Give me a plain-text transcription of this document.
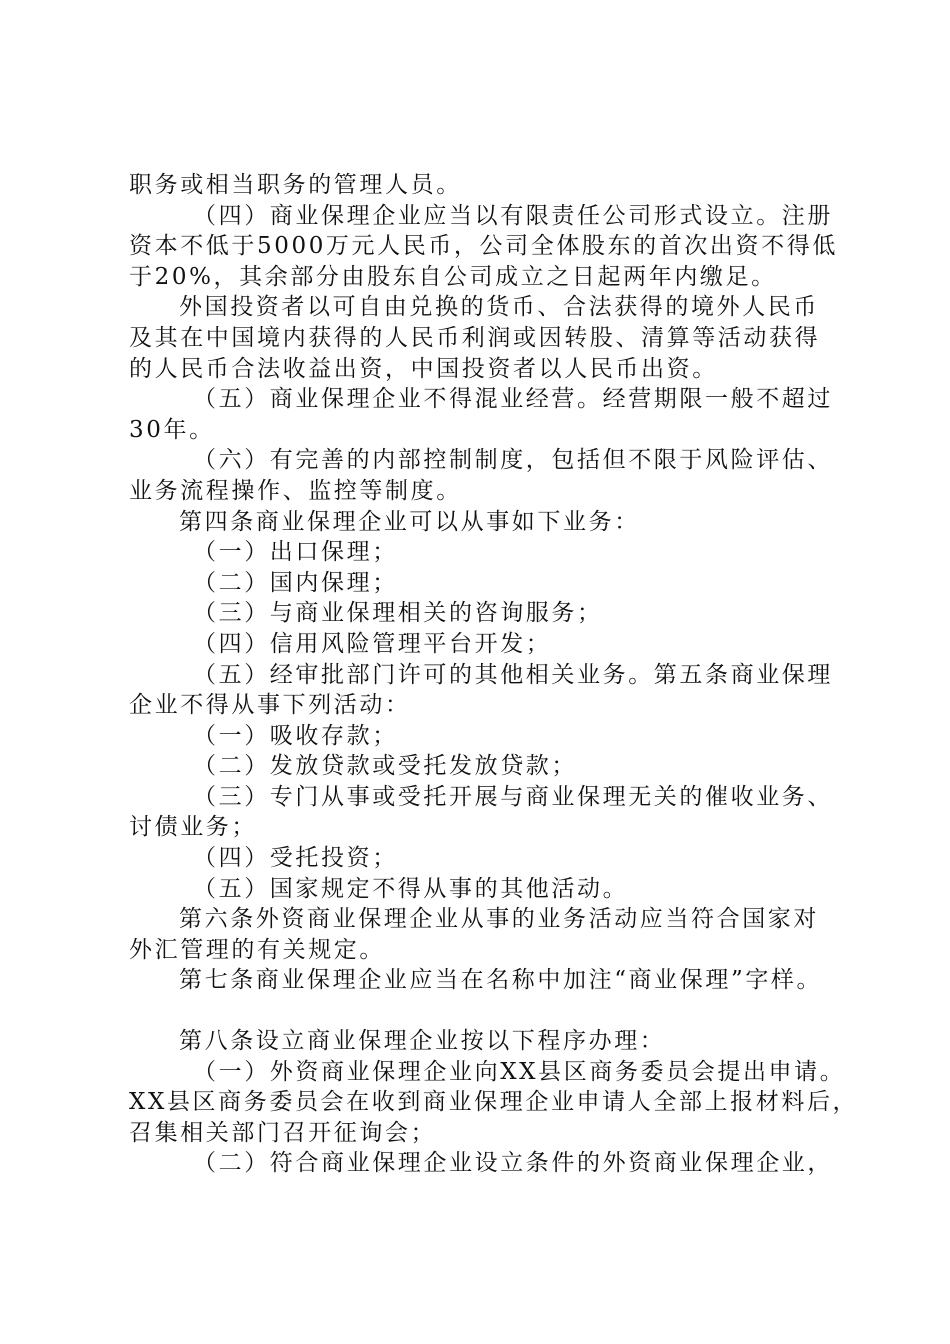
职务或相当职务的管理人员。
（四）商业保理企业应当以有限责任公司形式设立。注册
资本不低于5000万元人民币，公司全体股东的首次出资不得低
于20%，其余部分由股东自公司成立之日起两年内缴足。
外国投资者以可自由兑换的货币、合法获得的境外人民币
及其在中国境内获得的人民币利润或因转股、清算等活动获得
的人民币合法收益出资，中国投资者以人民币出资。
（五）商业保理企业不得混业经营。经营期限一般不超过
30年。
（六）有完善的内部控制制度，包括但不限于风险评估、
业务流程操作、监控等制度。
第四条商业保理企业可以从事如下业务：
（一）出口保理；
（二）国内保理；
（三）与商业保理相关的咨询服务；
（四）信用风险管理平台开发；
（五）经审批部门许可的其他相关业务。第五条商业保理
企业不得从事下列活动：
（一）吸收存款；
（二）发放贷款或受托发放贷款；
（三）专门从事或受托开展与商业保理无关的催收业务、
讨债业务；
（四）受托投资；
（五）国家规定不得从事的其他活动。
第六条外资商业保理企业从事的业务活动应当符合国家对
外汇管理的有关规定。
第七条商业保理企业应当在名称中加注“商业保理”字样。
第八条设立商业保理企业按以下程序办理：
（一）外资商业保理企业向XX县区商务委员会提出申请。
XX县区商务委员会在收到商业保理企业申请人全部上报材料后，
召集相关部门召开征询会；
（二）符合商业保理企业设立条件的外资商业保理企业，
